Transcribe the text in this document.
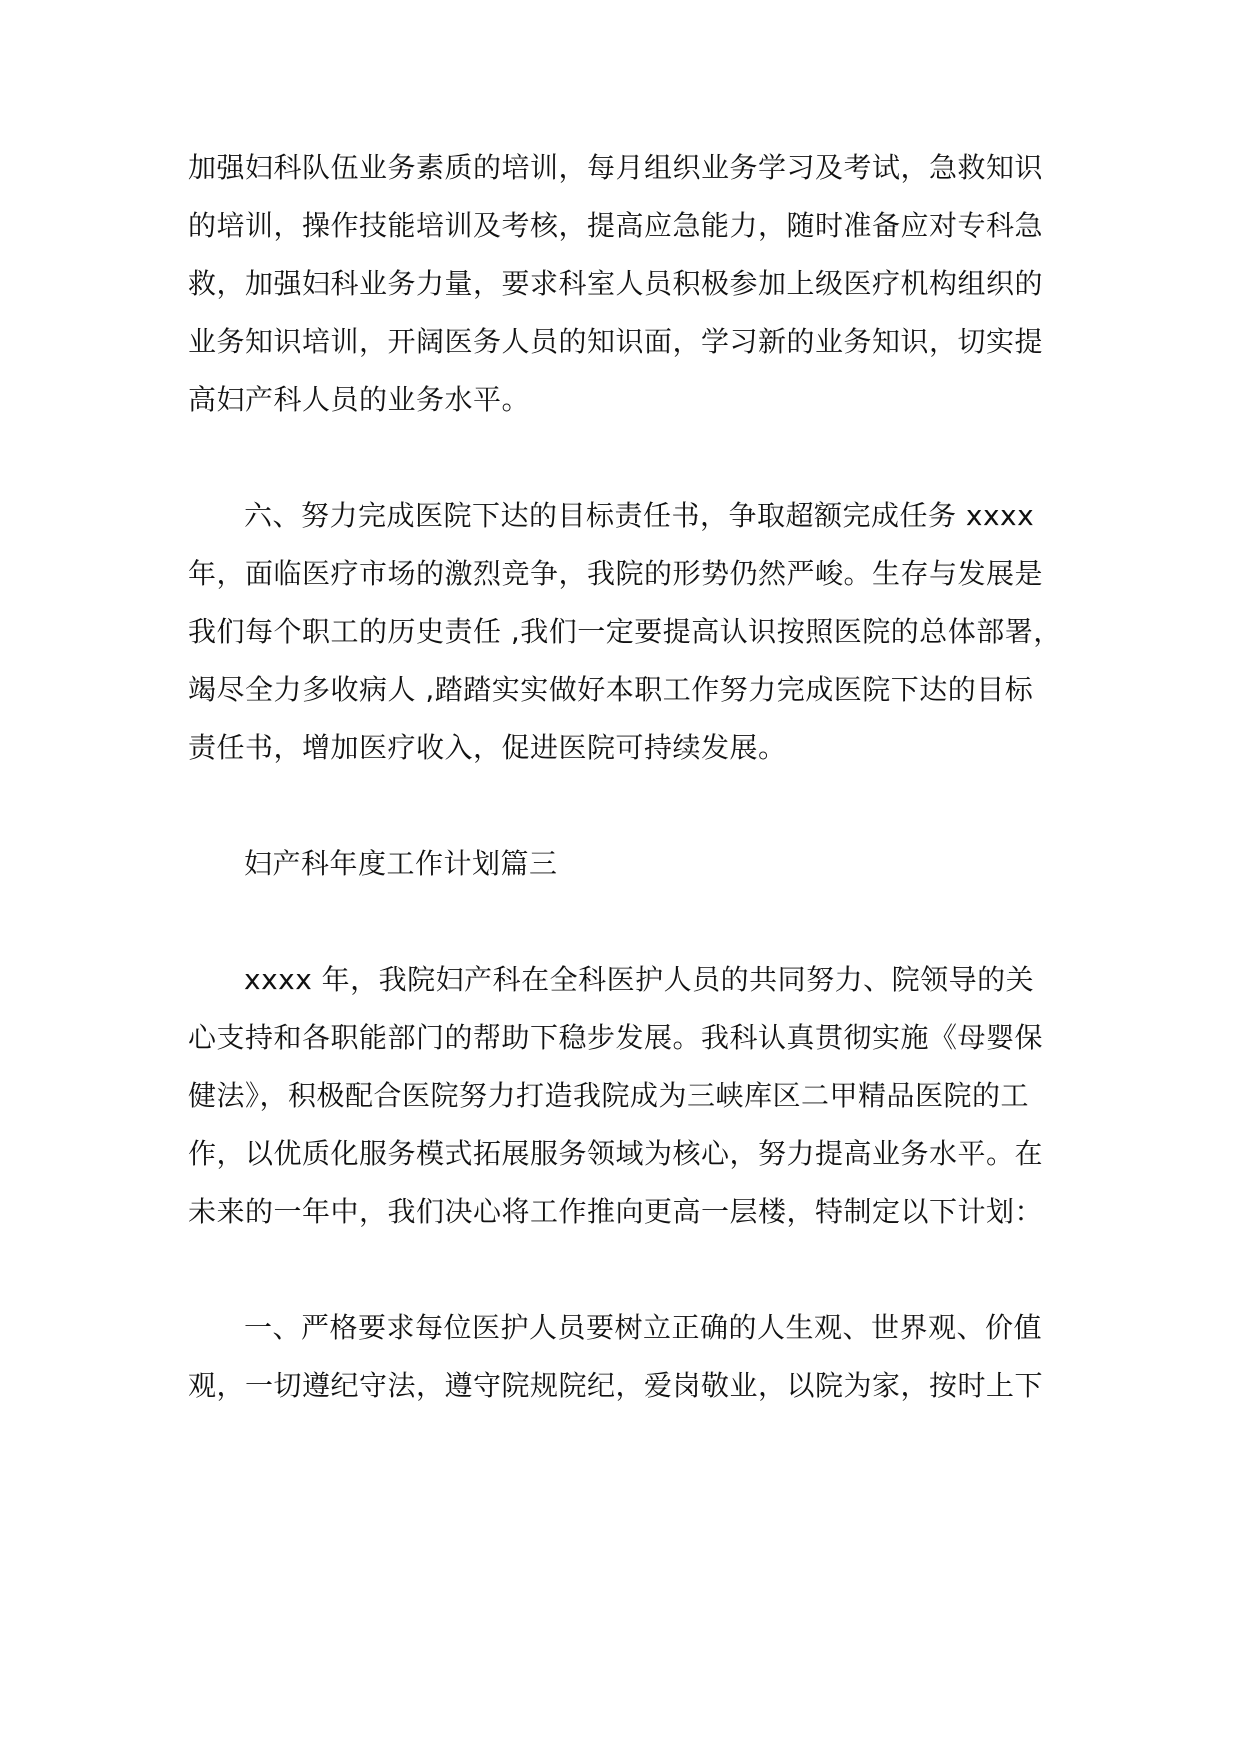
加强妇科队伍业务素质的培训，每月组织业务学习及考试，急救知识
的培训，操作技能培训及考核，提高应急能力，随时准备应对专科急
救，加强妇科业务力量，要求科室人员积极参加上级医疗机构组织的
业务知识培训，开阔医务人员的知识面，学习新的业务知识，切实提
高妇产科人员的业务水平。
六、努力完成医院下达的目标责任书，争取超额完成任务 xxxx
年，面临医疗市场的激烈竞争，我院的形势仍然严峻。生存与发展是
我们每个职工的历史责任 ,我们一定要提高认识按照医院的总体部署，
竭尽全力多收病人 ,踏踏实实做好本职工作努力完成医院下达的目标
责任书，增加医疗收入，促进医院可持续发展。
妇产科年度工作计划篇三
xxxx 年，我院妇产科在全科医护人员的共同努力、院领导的关
心支持和各职能部门的帮助下稳步发展。我科认真贯彻实施《母婴保
健法》，积极配合医院努力打造我院成为三峡库区二甲精品医院的工
作，以优质化服务模式拓展服务领域为核心，努力提高业务水平。在
未来的一年中，我们决心将工作推向更高一层楼，特制定以下计划：
一、严格要求每位医护人员要树立正确的人生观、世界观、价值
观，一切遵纪守法，遵守院规院纪，爱岗敬业，以院为家，按时上下
